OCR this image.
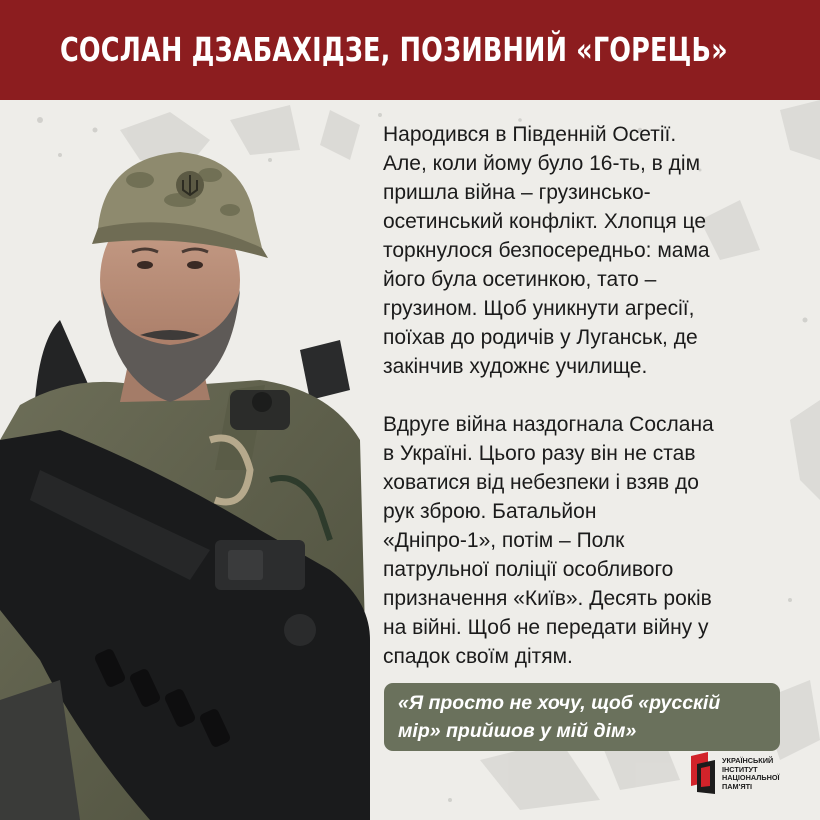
СОСЛАН ДЗАБАХІДЗЕ, ПОЗИВНИЙ «ГОРЕЦЬ»

Народився в Південній Осетії.
Але, коли йому було 16-ть, в дім
пришла війна – грузинсько-
осетинський конфлікт. Хлопця це
торкнулося безпосередньо: мама
його була осетинкою, тато –
грузином. Щоб уникнути агресії,
поїхав до родичів у Луганськ, де
закінчив художнє училище.

Вдруге війна наздогнала Сослана
в Україні. Цього разу він не став
ховатися від небезпеки і взяв до
рук зброю. Батальйон
«Дніпро-1», потім – Полк
патрульної поліції особливого
призначення «Київ». Десять років
на війні. Щоб не передати війну у
спадок своїм дітям.

«Я просто не хочу, щоб «русскій
мір» прийшов у мій дім»
УКРАЇНСЬКИЙ
ІНСТИТУТ
НАЦІОНАЛЬНОЇ
ПАМ'ЯТІ
